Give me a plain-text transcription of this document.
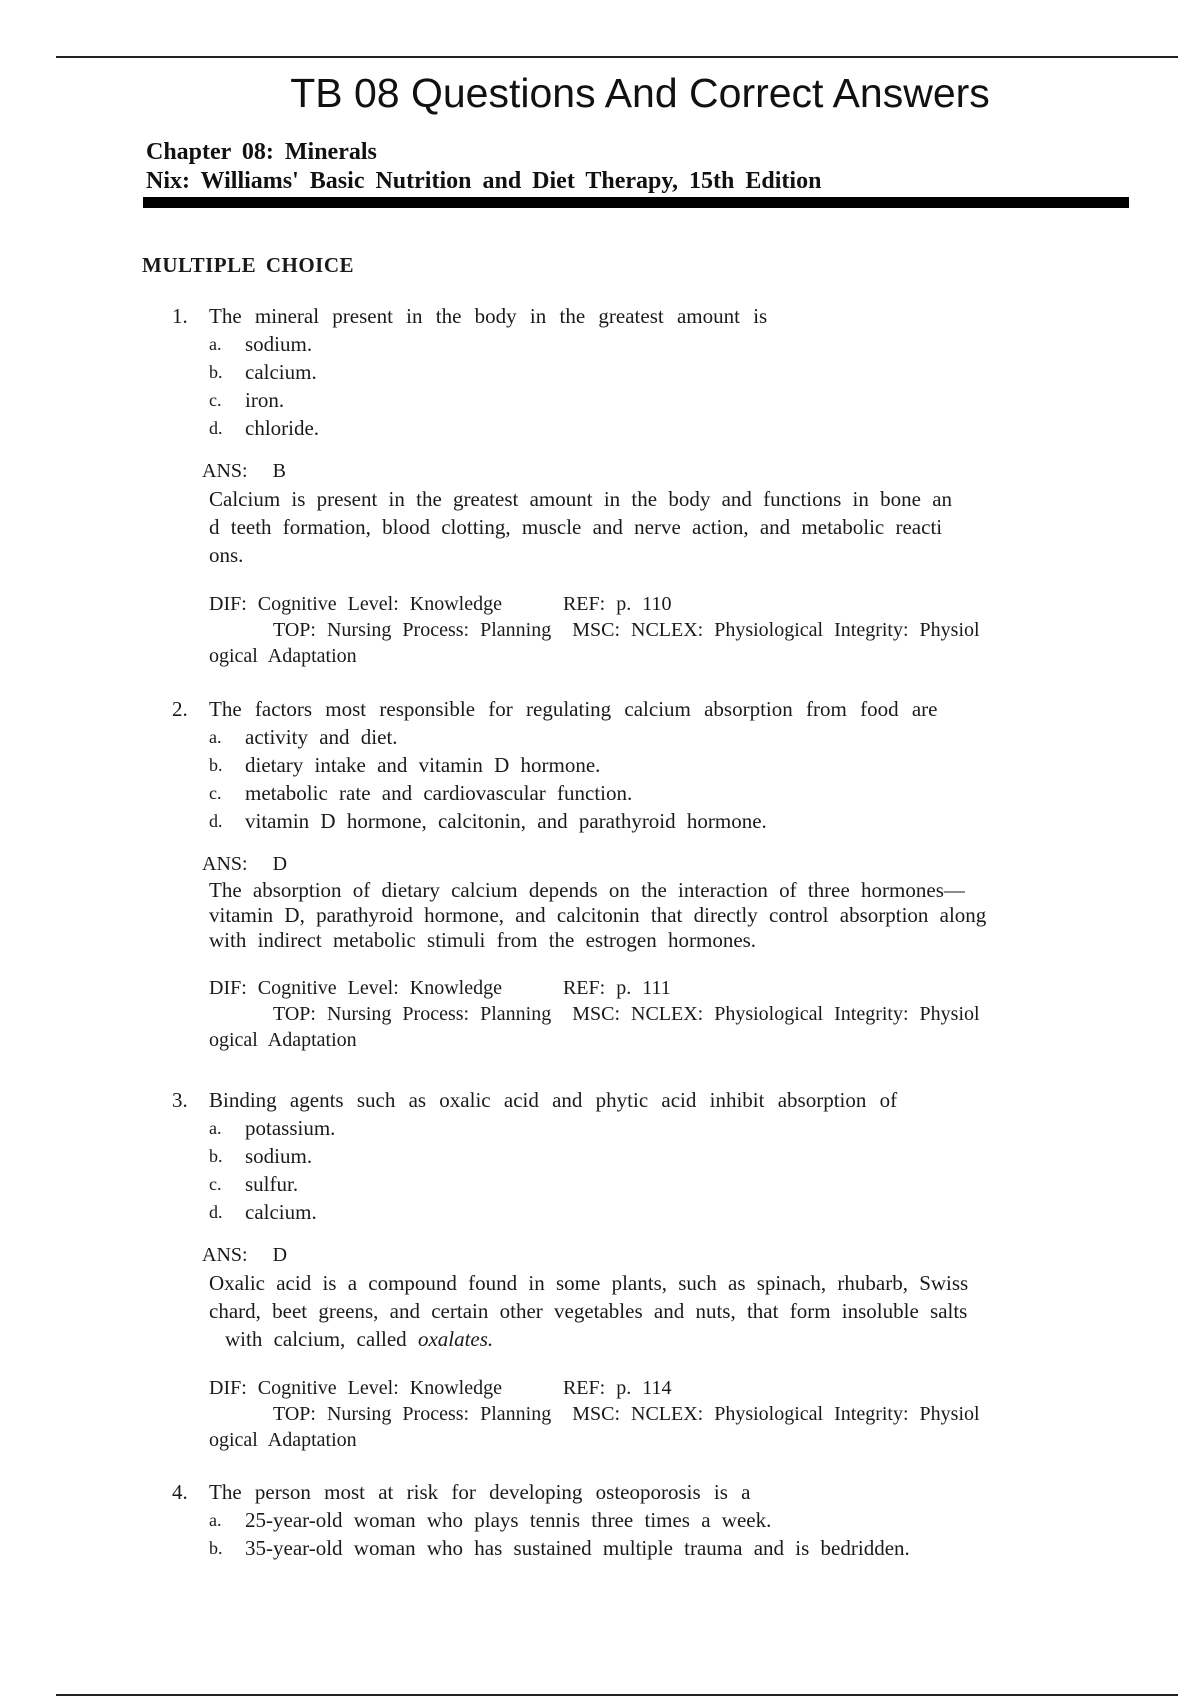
TB 08 Questions And Correct Answers
Chapter 08: Minerals
Nix: Williams' Basic Nutrition and Diet Therapy, 15th Edition
MULTIPLE CHOICE
1.	The mineral present in the body in the greatest amount is
a.	sodium.
b.	calcium.
c.	iron.
d.	chloride.
ANS: B
Calcium is present in the greatest amount in the body and functions in bone an
d teeth formation, blood clotting, muscle and nerve action, and metabolic reacti
ons.
DIF: Cognitive Level: Knowledge	REF: p. 110
TOP: Nursing Process: Planning MSC: NCLEX: Physiological Integrity: Physiol
ogical Adaptation
2.	The factors most responsible for regulating calcium absorption from food are
a.	activity and diet.
b.	dietary intake and vitamin D hormone.
c.	metabolic rate and cardiovascular function.
d.	vitamin D hormone, calcitonin, and parathyroid hormone.
ANS: D
The absorption of dietary calcium depends on the interaction of three hormones—
vitamin D, parathyroid hormone, and calcitonin that directly control absorption along
with indirect metabolic stimuli from the estrogen hormones.
DIF: Cognitive Level: Knowledge	REF: p. 111
TOP: Nursing Process: Planning MSC: NCLEX: Physiological Integrity: Physiol
ogical Adaptation
3.	Binding agents such as oxalic acid and phytic acid inhibit absorption of
a.	potassium.
b.	sodium.
c.	sulfur.
d.	calcium.
ANS: D
Oxalic acid is a compound found in some plants, such as spinach, rhubarb, Swiss
chard, beet greens, and certain other vegetables and nuts, that form insoluble salts
with calcium, called oxalates.
DIF: Cognitive Level: Knowledge	REF: p. 114
TOP: Nursing Process: Planning MSC: NCLEX: Physiological Integrity: Physiol
ogical Adaptation
4.	The person most at risk for developing osteoporosis is a
a.	25-year-old woman who plays tennis three times a week.
b.	35-year-old woman who has sustained multiple trauma and is bedridden.
